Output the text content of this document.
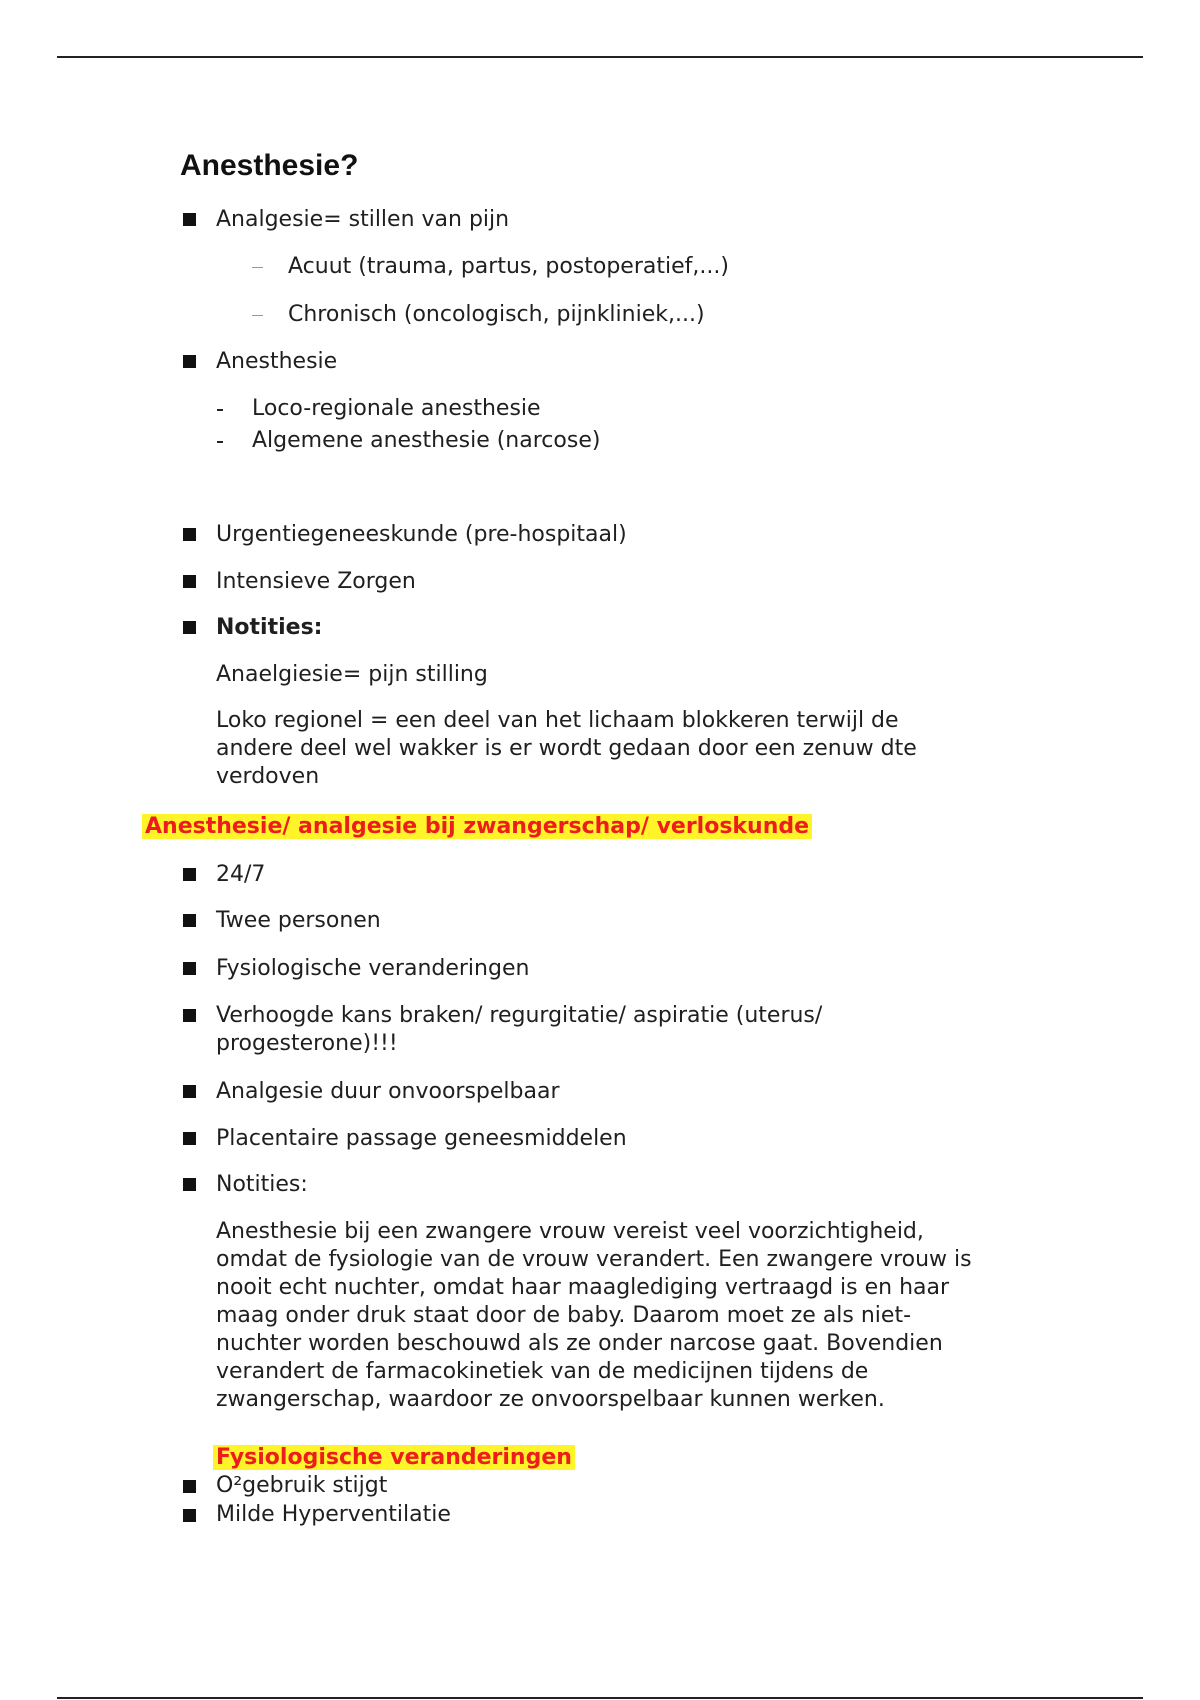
Anesthesie?
Analgesie= stillen van pijn
Acuut (trauma, partus, postoperatief,...)
Chronisch (oncologisch, pijnkliniek,...)
Anesthesie
Loco-regionale anesthesie
Algemene anesthesie (narcose)
Urgentiegeneeskunde (pre-hospitaal)
Intensieve Zorgen
Notities:
Anaelgiesie= pijn stilling
Loko regionel = een deel van het lichaam blokkeren terwijl de
andere deel wel wakker is er wordt gedaan door een zenuw dte
verdoven
Anesthesie/ analgesie bij zwangerschap/ verloskunde
24/7
Twee personen
Fysiologische veranderingen
Verhoogde kans braken/ regurgitatie/ aspiratie (uterus/
progesterone)!!!
Analgesie duur onvoorspelbaar
Placentaire passage geneesmiddelen
Notities:
Anesthesie bij een zwangere vrouw vereist veel voorzichtigheid,
omdat de fysiologie van de vrouw verandert. Een zwangere vrouw is
nooit echt nuchter, omdat haar maaglediging vertraagd is en haar
maag onder druk staat door de baby. Daarom moet ze als niet-
nuchter worden beschouwd als ze onder narcose gaat. Bovendien
verandert de farmacokinetiek van de medicijnen tijdens de
zwangerschap, waardoor ze onvoorspelbaar kunnen werken.
Fysiologische veranderingen
O²gebruik stijgt
Milde Hyperventilatie
